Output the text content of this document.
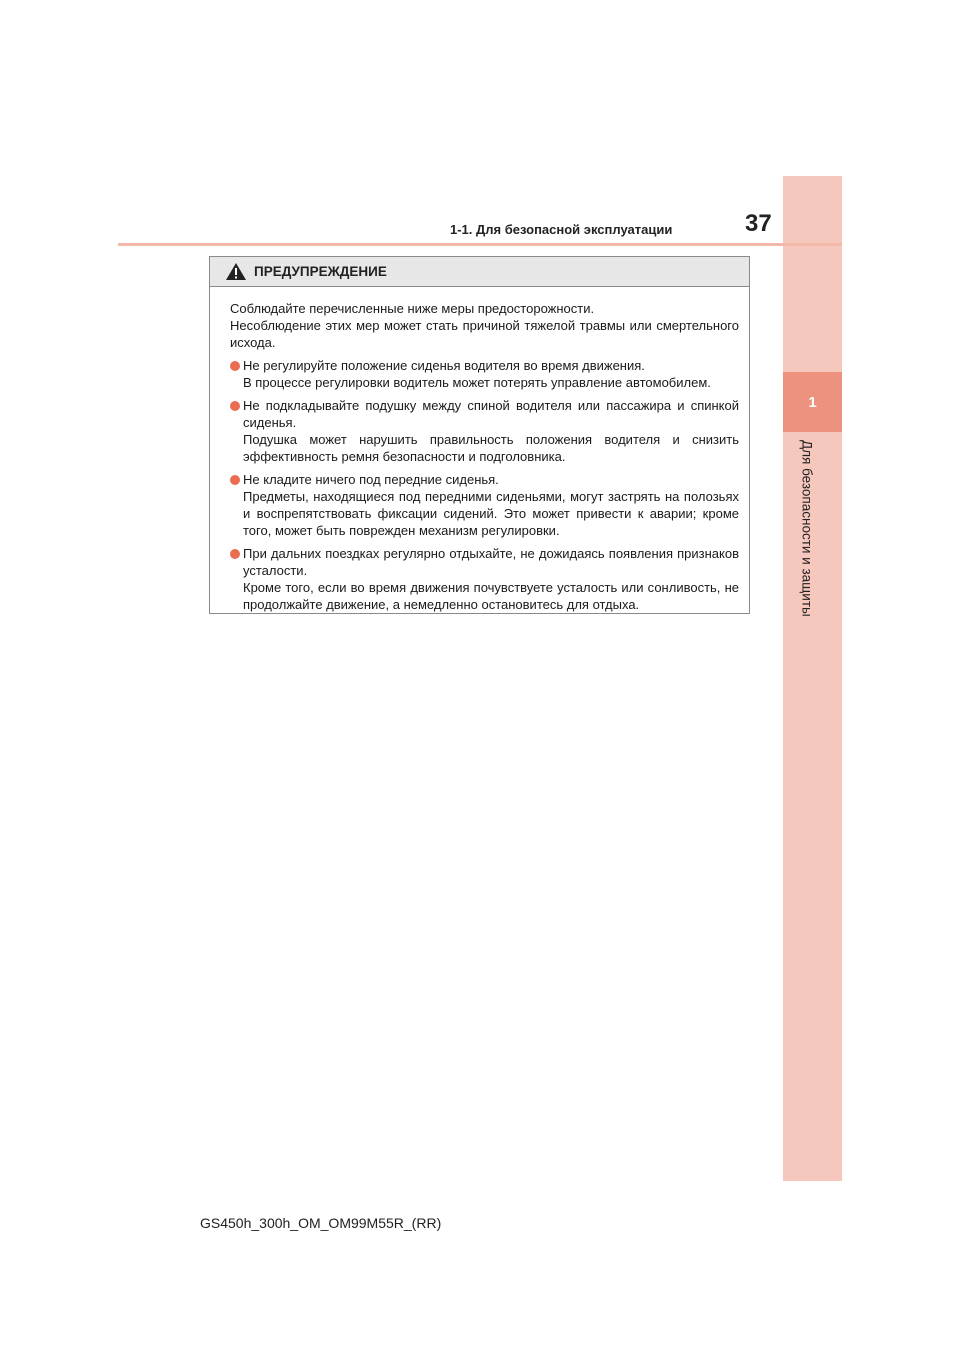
1
Для безопасности и защиты
1-1. Для безопасной эксплуатации	37
ПРЕДУПРЕЖДЕНИЕ
Соблюдайте перечисленные ниже меры предосторожности.
Несоблюдение этих мер может стать причиной тяжелой травмы или смертельного исхода.
Не регулируйте положение сиденья водителя во время движения.
В процессе регулировки водитель может потерять управление автомобилем.
Не подкладывайте подушку между спиной водителя или пассажира и спинкой сиденья.
Подушка может нарушить правильность положения водителя и снизить эффективность ремня безопасности и подголовника.
Не кладите ничего под передние сиденья.
Предметы, находящиеся под передними сиденьями, могут застрять на полозьях и воспрепятствовать фиксации сидений. Это может привести к аварии; кроме того, может быть поврежден механизм регулировки.
При дальних поездках регулярно отдыхайте, не дожидаясь появления признаков усталости.
Кроме того, если во время движения почувствуете усталость или сонливость, не продолжайте движение, а немедленно остановитесь для отдыха.
GS450h_300h_OM_OM99M55R_(RR)
